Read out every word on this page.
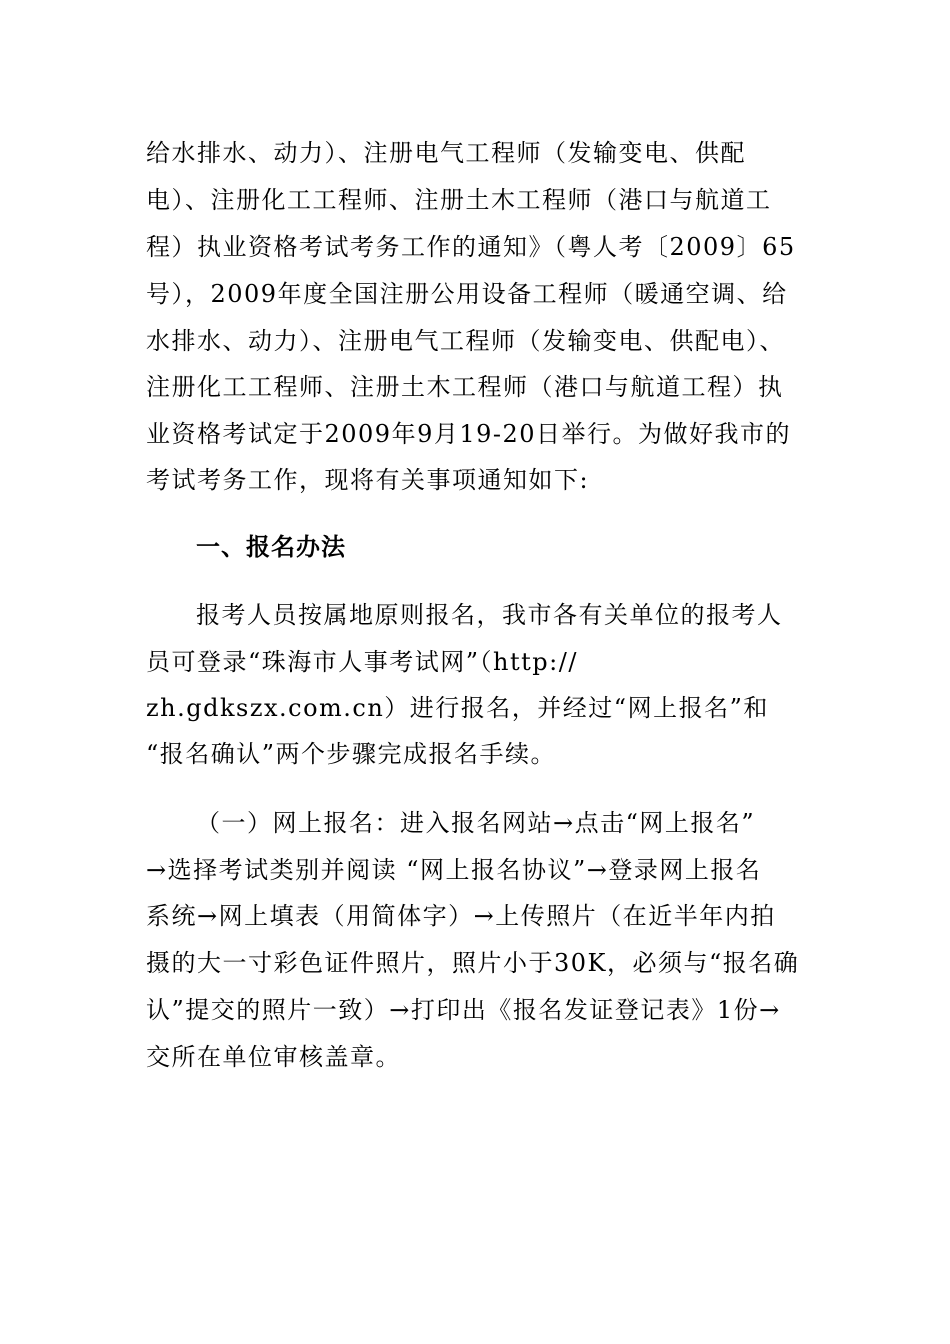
给水排水、动力）、注册电气工程师（发输变电、供配
电）、注册化工工程师、注册土木工程师（港口与航道工
程）执业资格考试考务工作的通知》（粤人考〔2009〕65
号），2009年度全国注册公用设备工程师（暖通空调、给
水排水、动力）、注册电气工程师（发输变电、供配电）、
注册化工工程师、注册土木工程师（港口与航道工程）执
业资格考试定于2009年9月19-20日举行。为做好我市的
考试考务工作，现将有关事项通知如下:
一、报名办法
报考人员按属地原则报名，我市各有关单位的报考人
员可登录“珠海市人事考试网”（http://
zh.gdkszx.com.cn）进行报名，并经过“网上报名”和
“报名确认”两个步骤完成报名手续。
（一）网上报名：进入报名网站→点击“网上报名”
→选择考试类别并阅读 “网上报名协议”→登录网上报名
系统→网上填表（用简体字）→上传照片（在近半年内拍
摄的大一寸彩色证件照片，照片小于30K，必须与“报名确
认”提交的照片一致）→打印出《报名发证登记表》1份→
交所在单位审核盖章。
